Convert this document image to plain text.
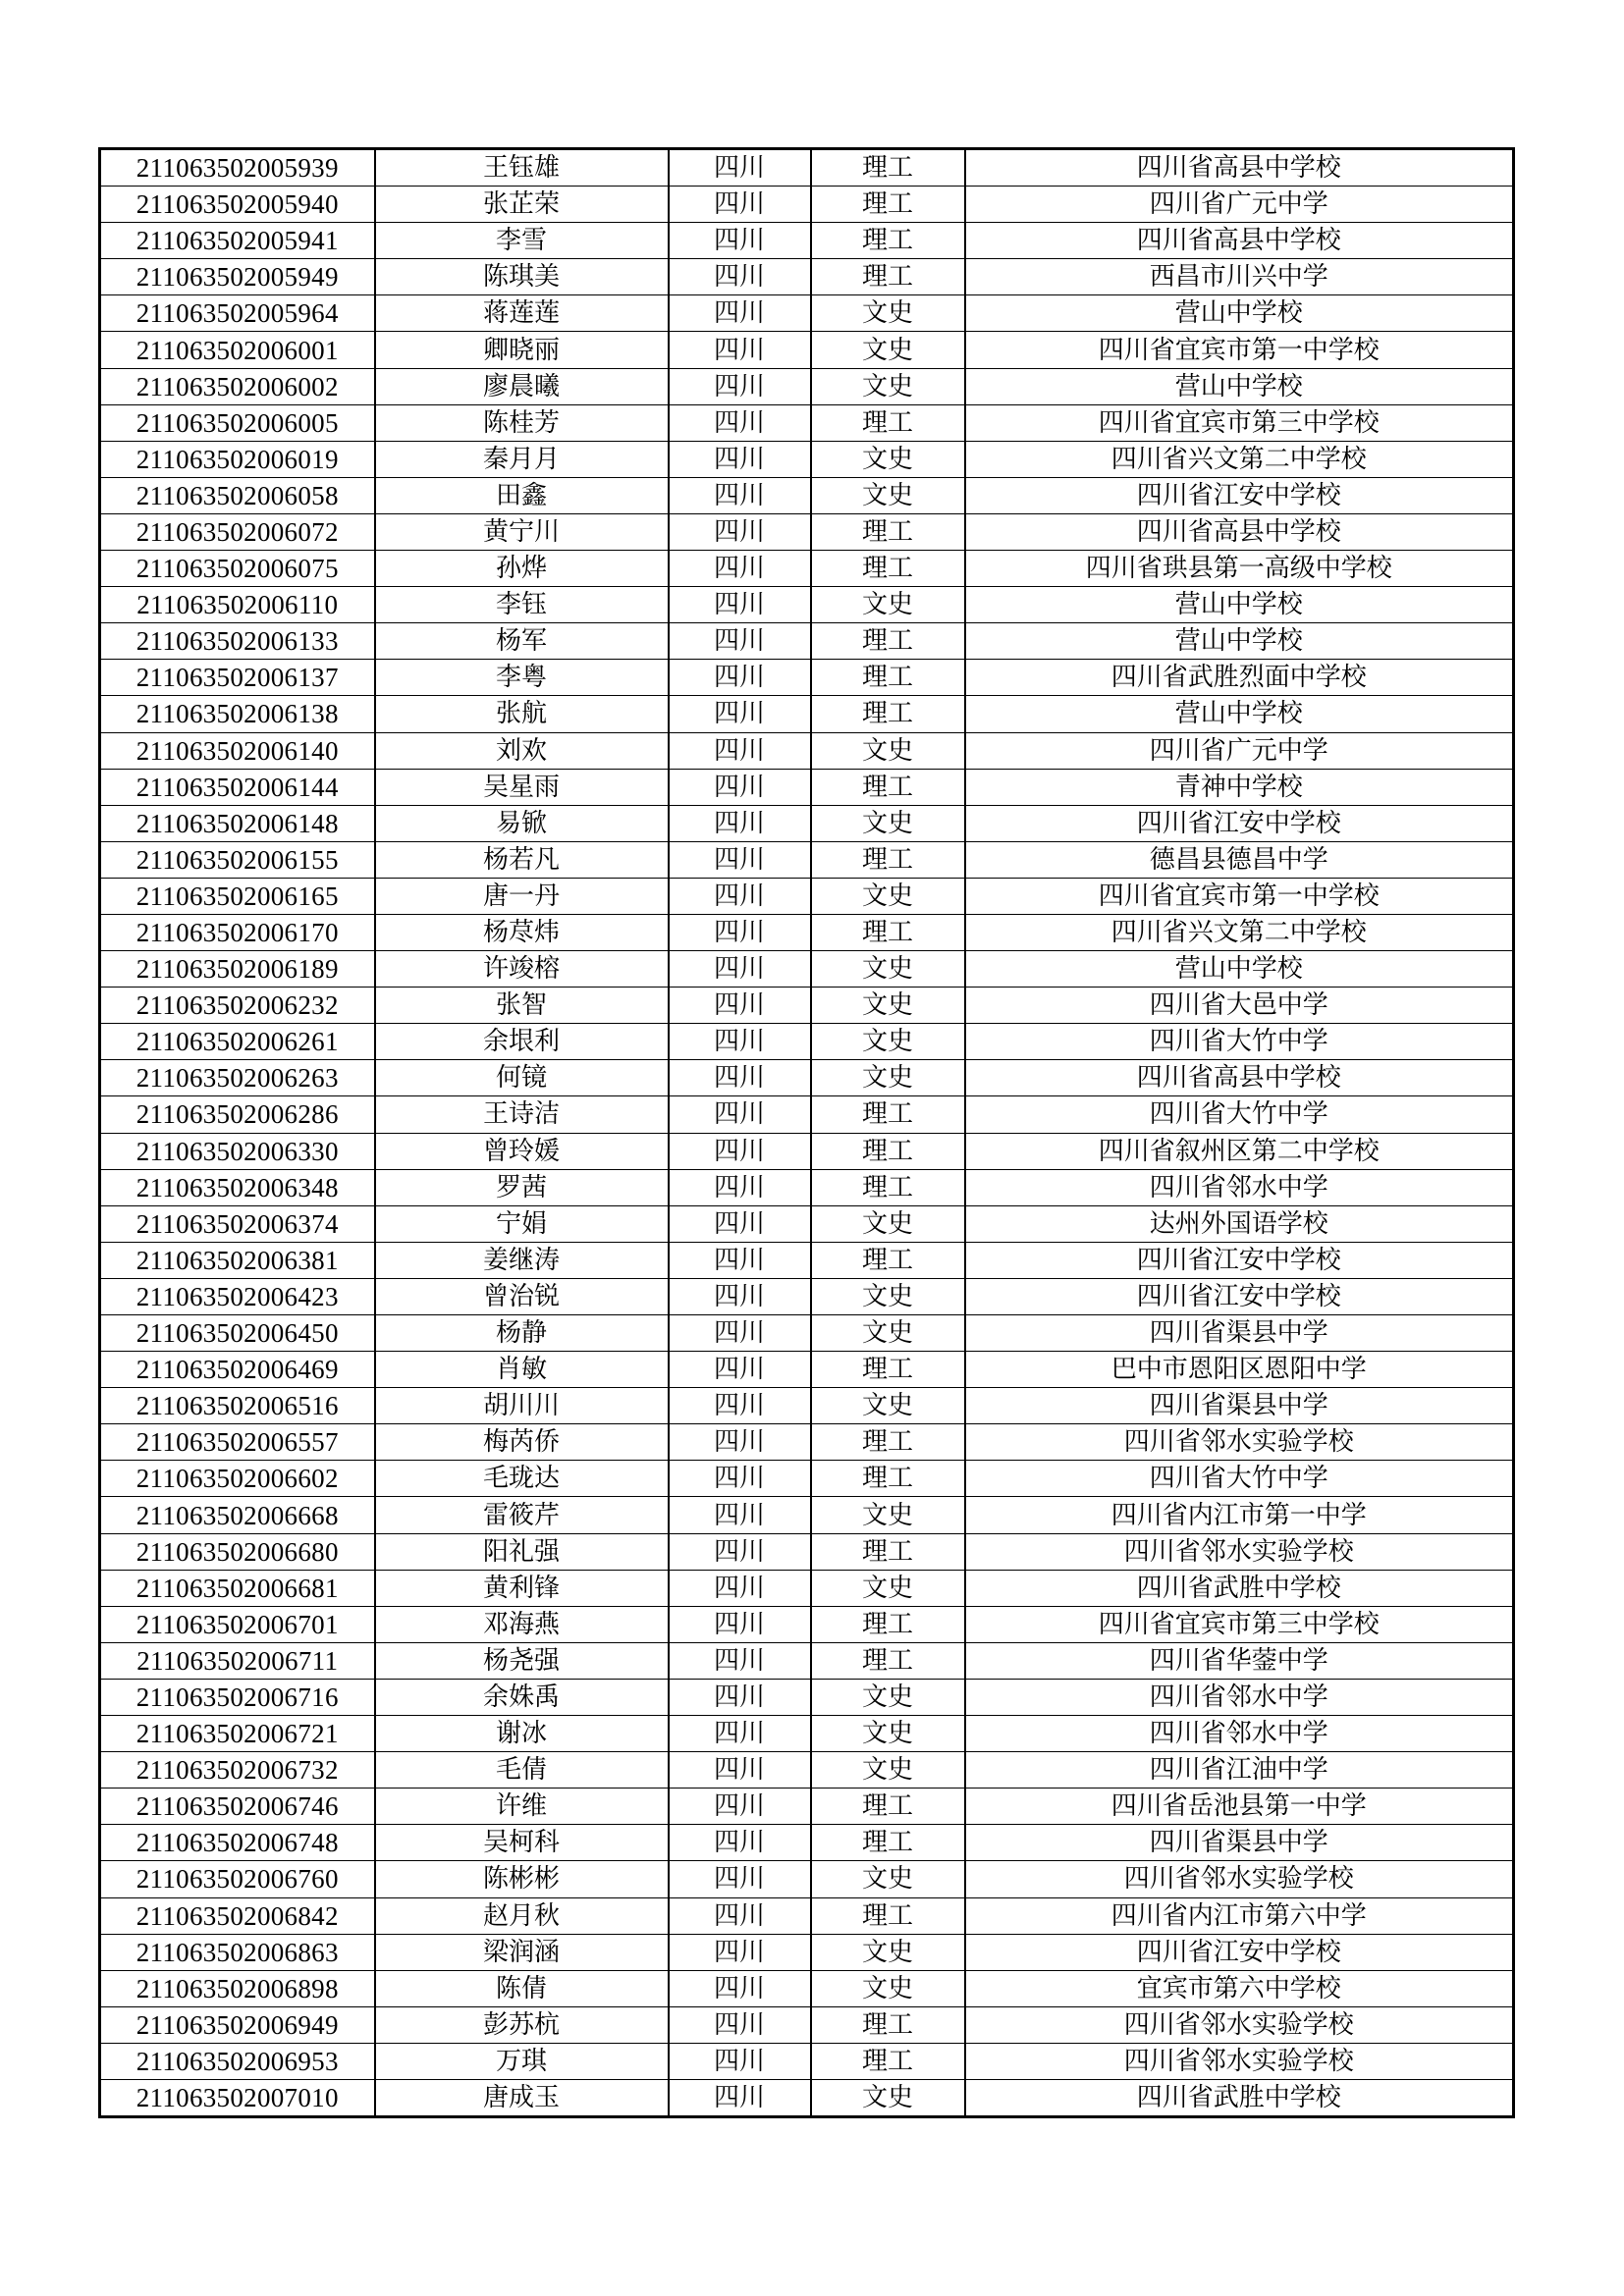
211063502005939	王钰雄	四川	理工	四川省高县中学校
211063502005940	张芷荣	四川	理工	四川省广元中学
211063502005941	李雪	四川	理工	四川省高县中学校
211063502005949	陈琪美	四川	理工	西昌市川兴中学
211063502005964	蒋莲莲	四川	文史	营山中学校
211063502006001	卿晓丽	四川	文史	四川省宜宾市第一中学校
211063502006002	廖晨曦	四川	文史	营山中学校
211063502006005	陈桂芳	四川	理工	四川省宜宾市第三中学校
211063502006019	秦月月	四川	文史	四川省兴文第二中学校
211063502006058	田鑫	四川	文史	四川省江安中学校
211063502006072	黄宁川	四川	理工	四川省高县中学校
211063502006075	孙烨	四川	理工	四川省珙县第一高级中学校
211063502006110	李钰	四川	文史	营山中学校
211063502006133	杨军	四川	理工	营山中学校
211063502006137	李粤	四川	理工	四川省武胜烈面中学校
211063502006138	张航	四川	理工	营山中学校
211063502006140	刘欢	四川	文史	四川省广元中学
211063502006144	吴星雨	四川	理工	青神中学校
211063502006148	易锨	四川	文史	四川省江安中学校
211063502006155	杨若凡	四川	理工	德昌县德昌中学
211063502006165	唐一丹	四川	文史	四川省宜宾市第一中学校
211063502006170	杨荩炜	四川	理工	四川省兴文第二中学校
211063502006189	许竣榕	四川	文史	营山中学校
211063502006232	张智	四川	文史	四川省大邑中学
211063502006261	余垠利	四川	文史	四川省大竹中学
211063502006263	何镜	四川	文史	四川省高县中学校
211063502006286	王诗洁	四川	理工	四川省大竹中学
211063502006330	曾玲媛	四川	理工	四川省叙州区第二中学校
211063502006348	罗茜	四川	理工	四川省邻水中学
211063502006374	宁娟	四川	文史	达州外国语学校
211063502006381	姜继涛	四川	理工	四川省江安中学校
211063502006423	曾治锐	四川	文史	四川省江安中学校
211063502006450	杨静	四川	文史	四川省渠县中学
211063502006469	肖敏	四川	理工	巴中市恩阳区恩阳中学
211063502006516	胡川川	四川	文史	四川省渠县中学
211063502006557	梅芮侨	四川	理工	四川省邻水实验学校
211063502006602	毛珑达	四川	理工	四川省大竹中学
211063502006668	雷筱芹	四川	文史	四川省内江市第一中学
211063502006680	阳礼强	四川	理工	四川省邻水实验学校
211063502006681	黄利锋	四川	文史	四川省武胜中学校
211063502006701	邓海燕	四川	理工	四川省宜宾市第三中学校
211063502006711	杨尧强	四川	理工	四川省华蓥中学
211063502006716	余姝禹	四川	文史	四川省邻水中学
211063502006721	谢冰	四川	文史	四川省邻水中学
211063502006732	毛倩	四川	文史	四川省江油中学
211063502006746	许维	四川	理工	四川省岳池县第一中学
211063502006748	吴柯科	四川	理工	四川省渠县中学
211063502006760	陈彬彬	四川	文史	四川省邻水实验学校
211063502006842	赵月秋	四川	理工	四川省内江市第六中学
211063502006863	梁润涵	四川	文史	四川省江安中学校
211063502006898	陈倩	四川	文史	宜宾市第六中学校
211063502006949	彭苏杭	四川	理工	四川省邻水实验学校
211063502006953	万琪	四川	理工	四川省邻水实验学校
211063502007010	唐成玉	四川	文史	四川省武胜中学校
